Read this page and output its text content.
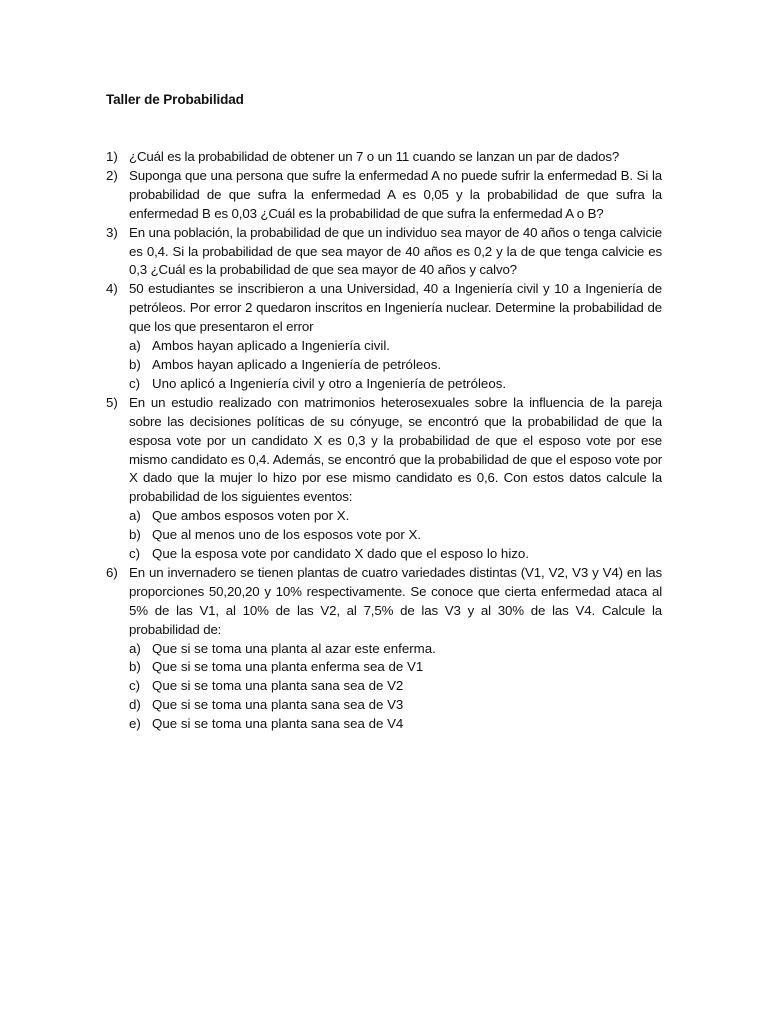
Taller de Probabilidad
1) ¿Cuál es la probabilidad de obtener un 7 o un 11 cuando se lanzan un par de dados?
2) Suponga que una persona que sufre la enfermedad A no puede sufrir la enfermedad B. Si la probabilidad de que sufra la enfermedad A es 0,05 y la probabilidad de que sufra la enfermedad B es 0,03 ¿Cuál es la probabilidad de que sufra la enfermedad A o B?
3) En una población, la probabilidad de que un individuo sea mayor de 40 años o tenga calvicie es 0,4. Si la probabilidad de que sea mayor de 40 años es 0,2 y la de que tenga calvicie es 0,3 ¿Cuál es la probabilidad de que sea mayor de 40 años y calvo?
4) 50 estudiantes se inscribieron a una Universidad, 40 a Ingeniería civil y 10 a Ingeniería de petróleos. Por error 2 quedaron inscritos en Ingeniería nuclear. Determine la probabilidad de que los que presentaron el error
a) Ambos hayan aplicado a Ingeniería civil.
b) Ambos hayan aplicado a Ingeniería de petróleos.
c) Uno aplicó a Ingeniería civil y otro a Ingeniería de petróleos.
5) En un estudio realizado con matrimonios heterosexuales sobre la influencia de la pareja sobre las decisiones políticas de su cónyuge, se encontró que la probabilidad de que la esposa vote por un candidato X es 0,3 y la probabilidad de que el esposo vote por ese mismo candidato es 0,4. Además, se encontró que la probabilidad de que el esposo vote por X dado que la mujer lo hizo por ese mismo candidato es 0,6. Con estos datos calcule la probabilidad de los siguientes eventos:
a) Que ambos esposos voten por X.
b) Que al menos uno de los esposos vote por X.
c) Que la esposa vote por candidato X dado que el esposo lo hizo.
6) En un invernadero se tienen plantas de cuatro variedades distintas (V1, V2, V3 y V4) en las proporciones 50,20,20 y 10% respectivamente. Se conoce que cierta enfermedad ataca al 5% de las V1, al 10% de las V2, al 7,5% de las V3 y al 30% de las V4. Calcule la probabilidad de:
a) Que si se toma una planta al azar este enferma.
b) Que si se toma una planta enferma sea de V1
c) Que si se toma una planta sana sea de V2
d) Que si se toma una planta sana sea de V3
e) Que si se toma una planta sana sea de V4
